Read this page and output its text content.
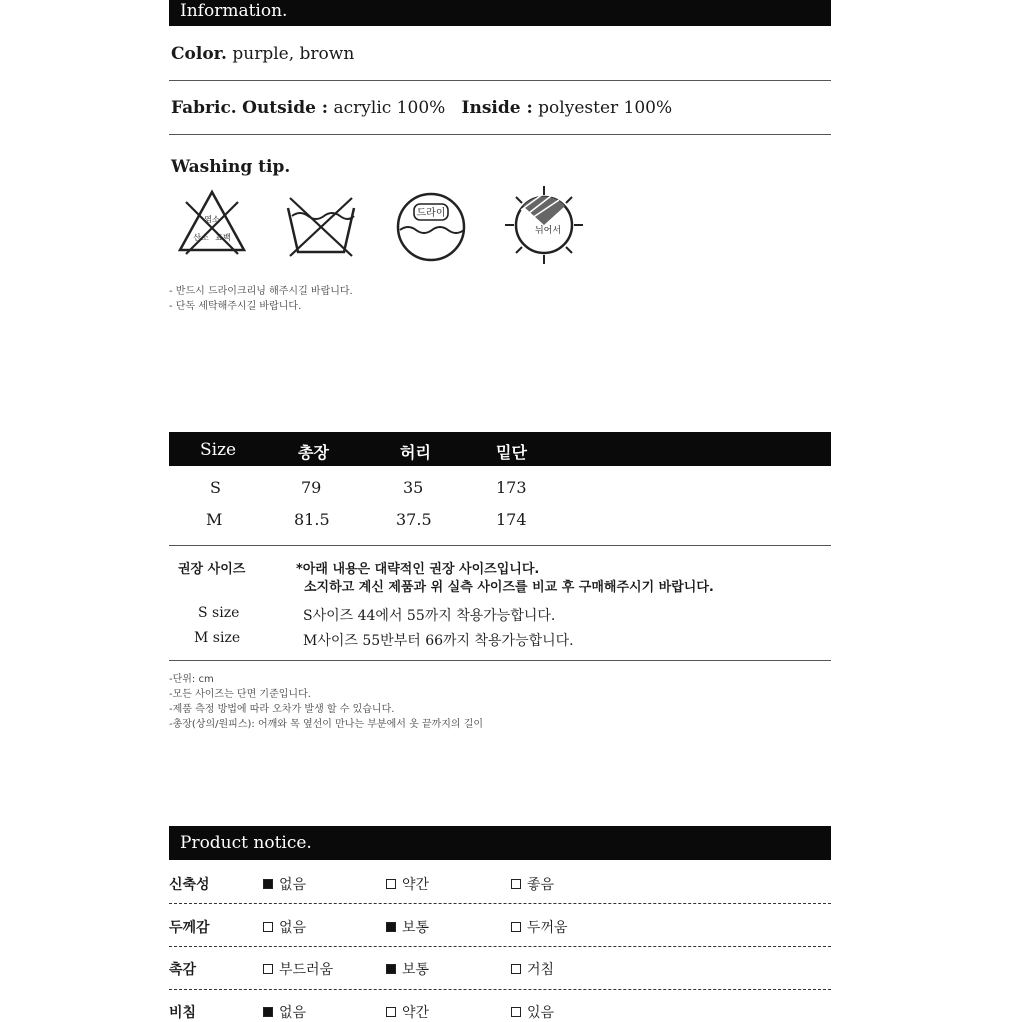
Information.
Color. purple, brown
Fabric. Outside : acrylic 100% Inside : polyester 100%
Washing tip.
염소
산소 표백
드라이
뉘어서
- 반드시 드라이크리닝 해주시길 바랍니다.
- 단독 세탁해주시길 바랍니다.
Size	총장	허리	밑단
S	79	35	173
M	81.5	37.5	174
권장 사이즈	*아래 내용은 대략적인 권장 사이즈입니다.
소지하고 계신 제품과 위 실측 사이즈를 비교 후 구매해주시기 바랍니다.
S size	S사이즈 44에서 55까지 착용가능합니다.
M size	M사이즈 55반부터 66까지 착용가능합니다.
-단위: cm
-모든 사이즈는 단면 기준입니다.
-제품 측정 방법에 따라 오차가 발생 할 수 있습니다.
-총장(상의/원피스): 어깨와 목 옆선이 만나는 부분에서 옷 끝까지의 길이
Product notice.
신축성	없음	약간	좋음
두께감	없음	보통	두꺼움
촉감	부드러움	보통	거침
비침	없음	약간	있음
